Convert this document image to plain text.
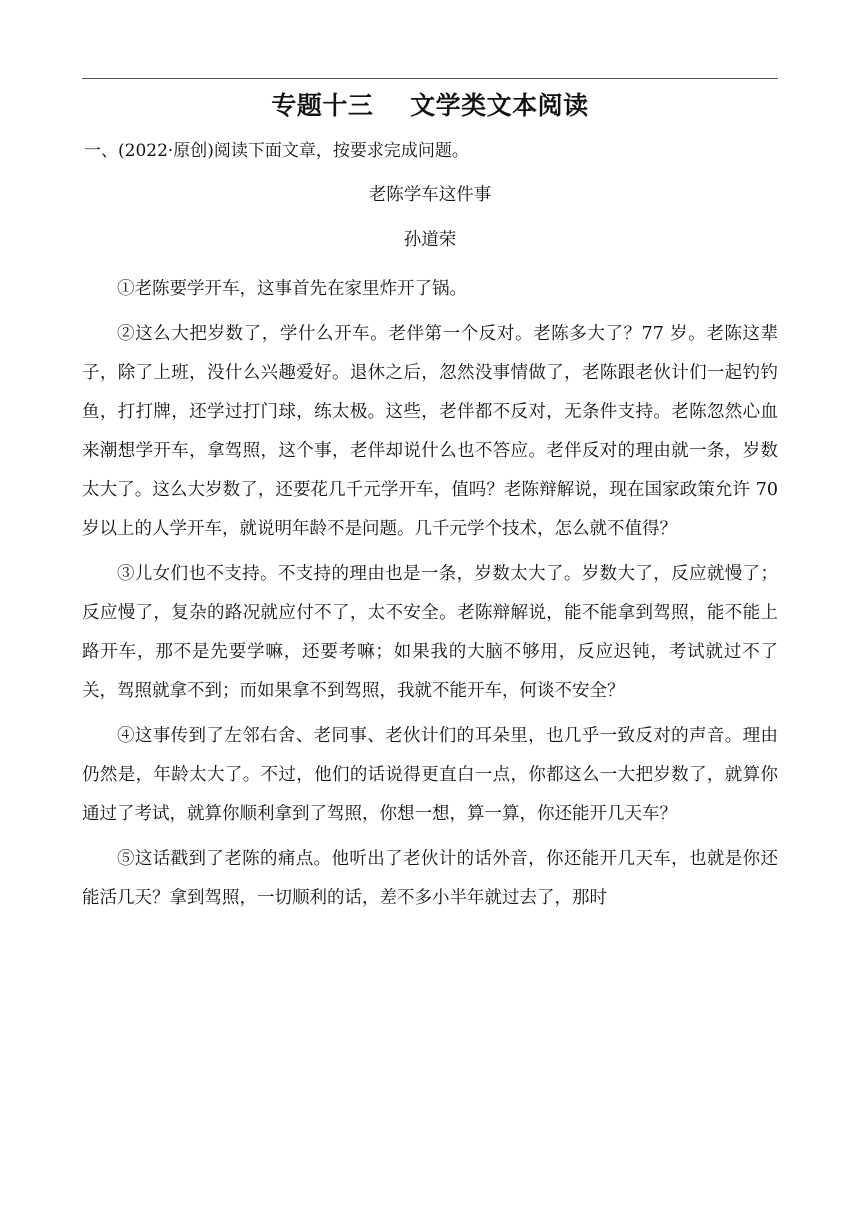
专题十三    文学类文本阅读
一、(2022·原创)阅读下面文章，按要求完成问题。
老陈学车这件事
孙道荣

①老陈要学开车，这事首先在家里炸开了锅。

②这么大把岁数了，学什么开车。老伴第一个反对。老陈多大了？77 岁。老陈这辈子，除了上班，没什么兴趣爱好。退休之后，忽然没事情做了，老陈跟老伙计们一起钓钓鱼，打打牌，还学过打门球，练太极。这些，老伴都不反对，无条件支持。老陈忽然心血来潮想学开车，拿驾照，这个事，老伴却说什么也不答应。老伴反对的理由就一条，岁数太大了。这么大岁数了，还要花几千元学开车，值吗？老陈辩解说，现在国家政策允许 70 岁以上的人学开车，就说明年龄不是问题。几千元学个技术，怎么就不值得？

③儿女们也不支持。不支持的理由也是一条，岁数太大了。岁数大了，反应就慢了；反应慢了，复杂的路况就应付不了，太不安全。老陈辩解说，能不能拿到驾照，能不能上路开车，那不是先要学嘛，还要考嘛；如果我的大脑不够用，反应迟钝，考试就过不了关，驾照就拿不到；而如果拿不到驾照，我就不能开车，何谈不安全？

④这事传到了左邻右舍、老同事、老伙计们的耳朵里，也几乎一致反对的声音。理由仍然是，年龄太大了。不过，他们的话说得更直白一点，你都这么一大把岁数了，就算你通过了考试，就算你顺利拿到了驾照，你想一想，算一算，你还能开几天车？

⑤这话戳到了老陈的痛点。他听出了老伙计的话外音，你还能开几天车，也就是你还能活几天？拿到驾照，一切顺利的话，差不多小半年就过去了，那时
